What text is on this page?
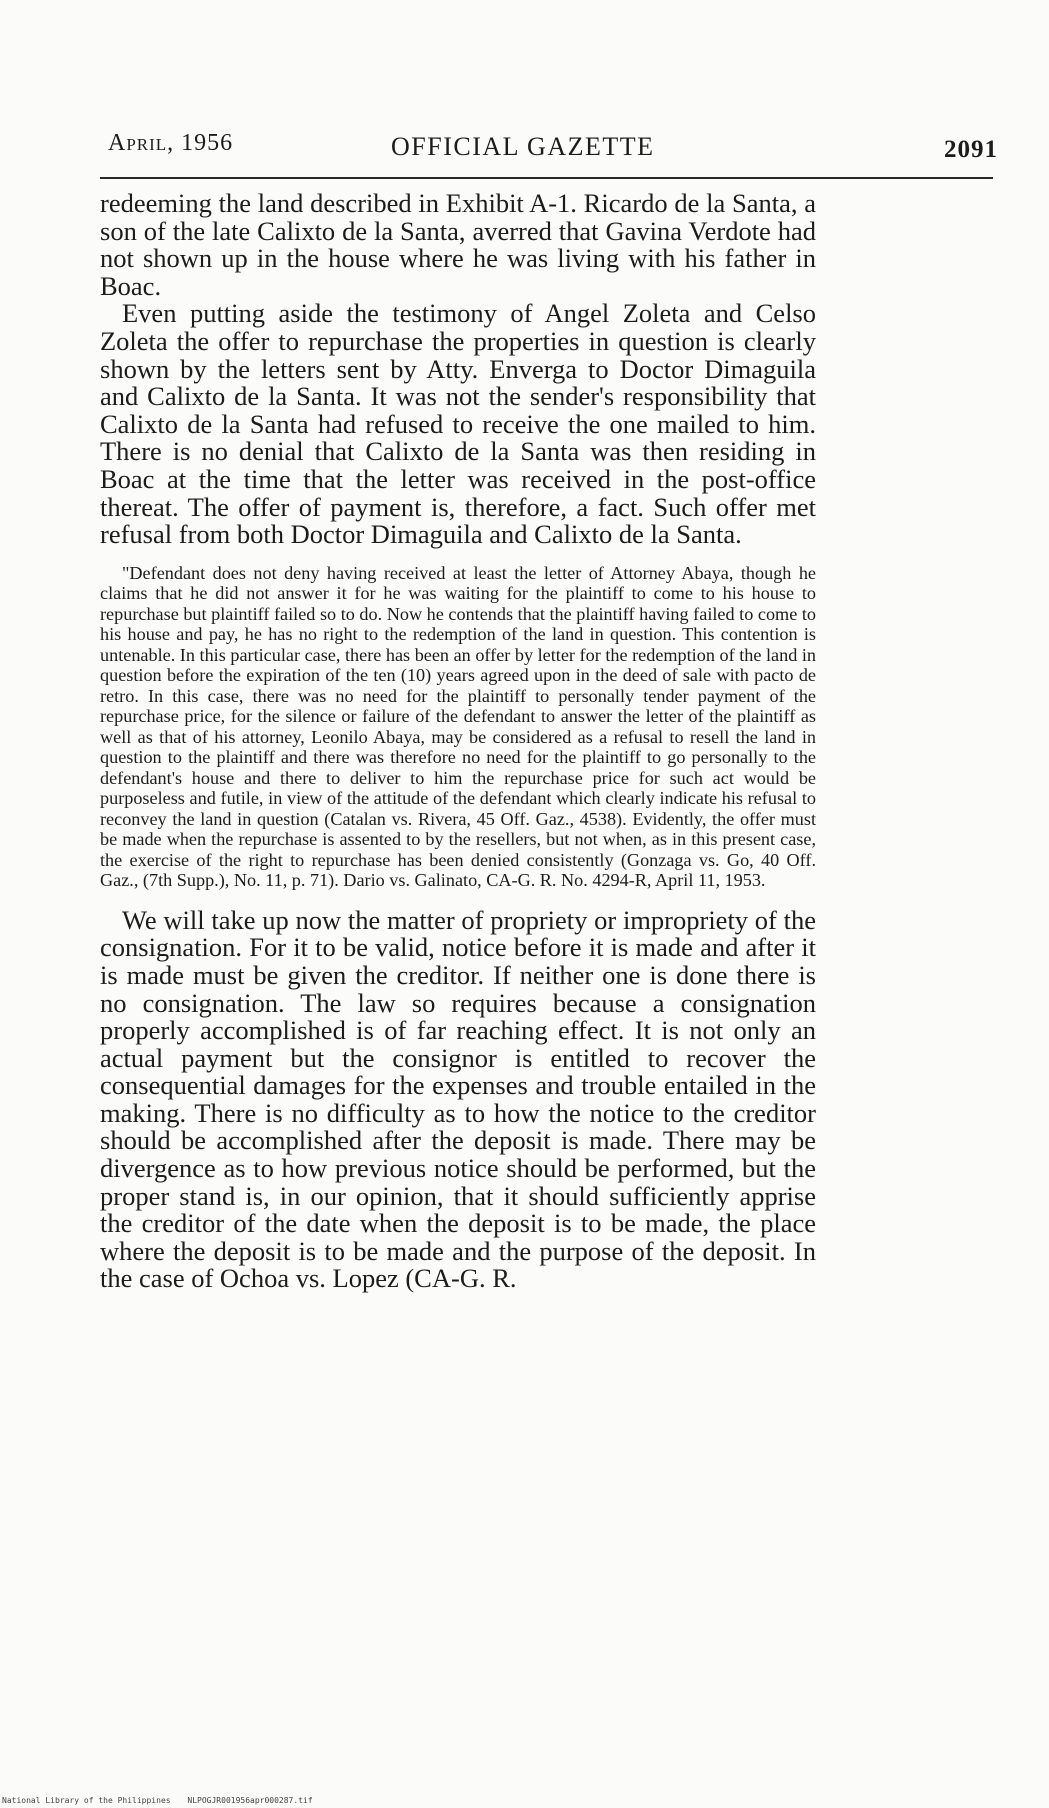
April, 1956	OFFICIAL GAZETTE	2091

redeeming the land described in Exhibit A-1. Ricardo de la Santa, a son of the late Calixto de la Santa, averred that Gavina Verdote had not shown up in the house where he was living with his father in Boac.

Even putting aside the testimony of Angel Zoleta and Celso Zoleta the offer to repurchase the properties in question is clearly shown by the letters sent by Atty. Enverga to Doctor Dimaguila and Calixto de la Santa. It was not the sender's responsibility that Calixto de la Santa had refused to receive the one mailed to him. There is no denial that Calixto de la Santa was then residing in Boac at the time that the letter was received in the post-office thereat. The offer of payment is, therefore, a fact. Such offer met refusal from both Doctor Dimaguila and Calixto de la Santa.

"Defendant does not deny having received at least the letter of Attorney Abaya, though he claims that he did not answer it for he was waiting for the plaintiff to come to his house to repurchase but plaintiff failed so to do. Now he contends that the plaintiff having failed to come to his house and pay, he has no right to the redemption of the land in question. This contention is untenable. In this particular case, there has been an offer by letter for the redemption of the land in question before the expiration of the ten (10) years agreed upon in the deed of sale with pacto de retro. In this case, there was no need for the plaintiff to personally tender payment of the repurchase price, for the silence or failure of the defendant to answer the letter of the plaintiff as well as that of his attorney, Leonilo Abaya, may be considered as a refusal to resell the land in question to the plaintiff and there was therefore no need for the plaintiff to go personally to the defendant's house and there to deliver to him the repurchase price for such act would be purposeless and futile, in view of the attitude of the defendant which clearly indicate his refusal to reconvey the land in question (Catalan vs. Rivera, 45 Off. Gaz., 4538). Evidently, the offer must be made when the repurchase is assented to by the resellers, but not when, as in this present case, the exercise of the right to repurchase has been denied consistently (Gonzaga vs. Go, 40 Off. Gaz., (7th Supp.), No. 11, p. 71). Dario vs. Galinato, CA-G. R. No. 4294-R, April 11, 1953.

We will take up now the matter of propriety or impropriety of the consignation. For it to be valid, notice before it is made and after it is made must be given the creditor. If neither one is done there is no consignation. The law so requires because a consignation properly accomplished is of far reaching effect. It is not only an actual payment but the consignor is entitled to recover the consequential damages for the expenses and trouble entailed in the making. There is no difficulty as to how the notice to the creditor should be accomplished after the deposit is made. There may be divergence as to how previous notice should be performed, but the proper stand is, in our opinion, that it should sufficiently apprise the creditor of the date when the deposit is to be made, the place where the deposit is to be made and the purpose of the deposit. In the case of Ochoa vs. Lopez (CA-G. R.

National Library of the Philippines NLPOGJR001956apr000287.tif
